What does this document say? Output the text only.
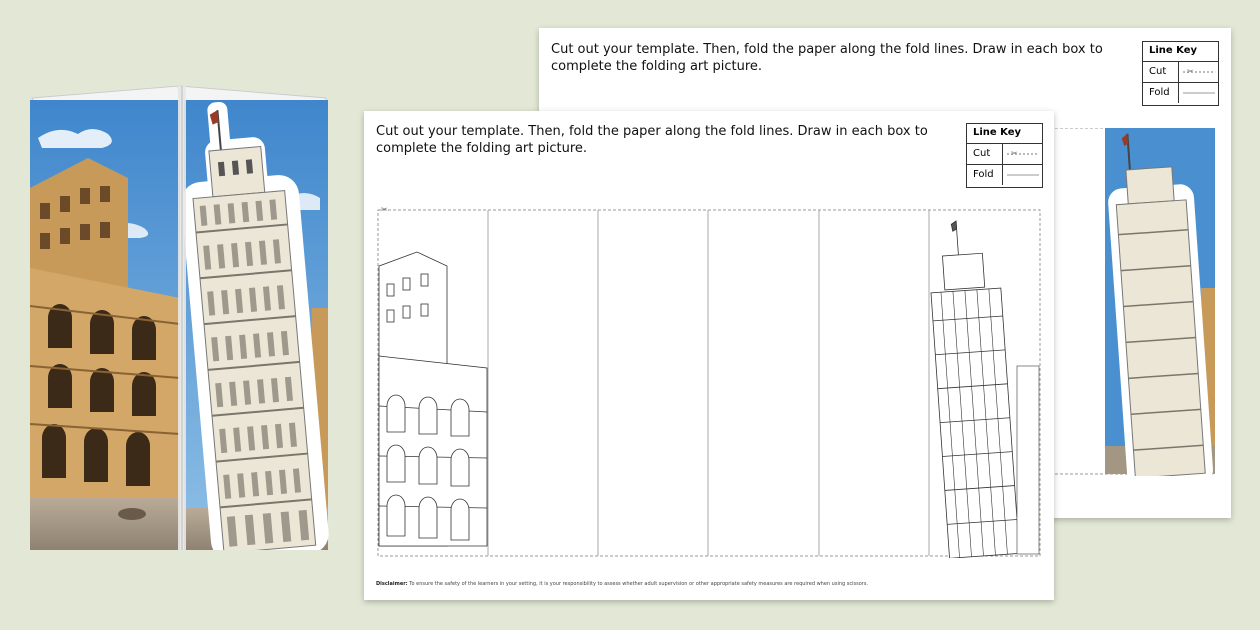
Cut out your template. Then, fold the paper along the fold lines. Draw in each box to complete the folding art picture.
Line Key
Cut	✂
Fold
Cut out your template. Then, fold the paper along the fold lines. Draw in each box to complete the folding art picture.
Line Key
Cut	✂
Fold
✂
Disclaimer: To ensure the safety of the learners in your setting, it is your responsibility to assess whether adult supervision or other appropriate safety measures are required when using scissors.
